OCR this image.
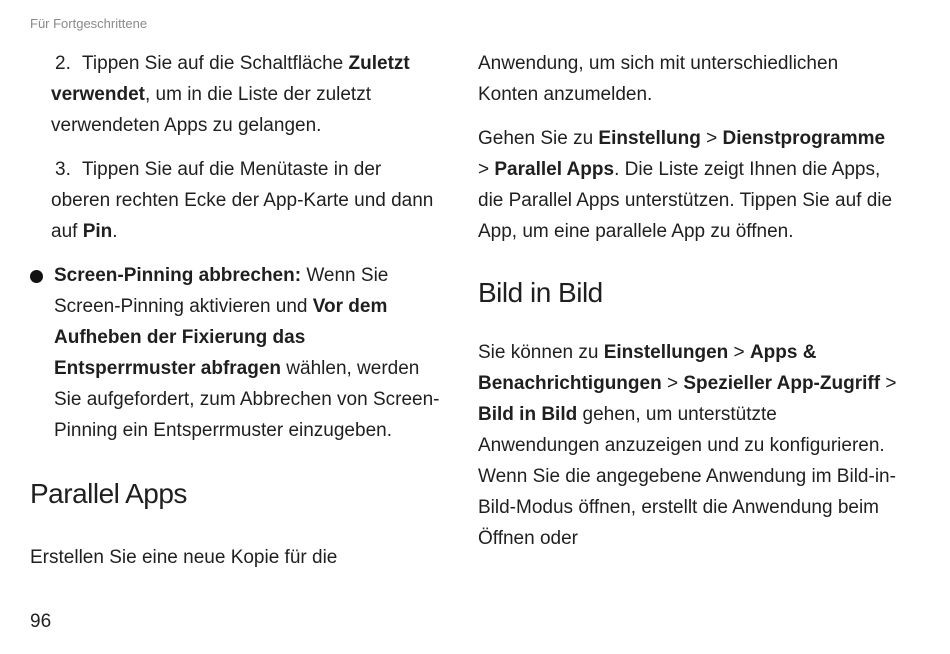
Für Fortgeschrittene

2. Tippen Sie auf die Schaltfläche Zuletzt verwendet, um in die Liste der zuletzt verwendeten Apps zu gelangen.

3. Tippen Sie auf die Menütaste in der oberen rechten Ecke der App-Karte und dann auf Pin.

Screen-Pinning abbrechen: Wenn Sie Screen-Pinning aktivieren und Vor dem Aufheben der Fixierung das Entsperrmuster abfragen wählen, werden Sie aufgefordert, zum Abbrechen von Screen-Pinning ein Entsperrmuster einzugeben.

Parallel Apps

Erstellen Sie eine neue Kopie für die

Anwendung, um sich mit unterschiedlichen Konten anzumelden.

Gehen Sie zu Einstellung > Dienstprogramme > Parallel Apps. Die Liste zeigt Ihnen die Apps, die Parallel Apps unterstützen. Tippen Sie auf die App, um eine parallele App zu öffnen.

Bild in Bild

Sie können zu Einstellungen > Apps & Benachrichtigungen > Spezieller App-Zugriff > Bild in Bild gehen, um unterstützte Anwendungen anzuzeigen und zu konfigurieren. Wenn Sie die angegebene Anwendung im Bild-in-Bild-Modus öffnen, erstellt die Anwendung beim Öffnen oder

96
